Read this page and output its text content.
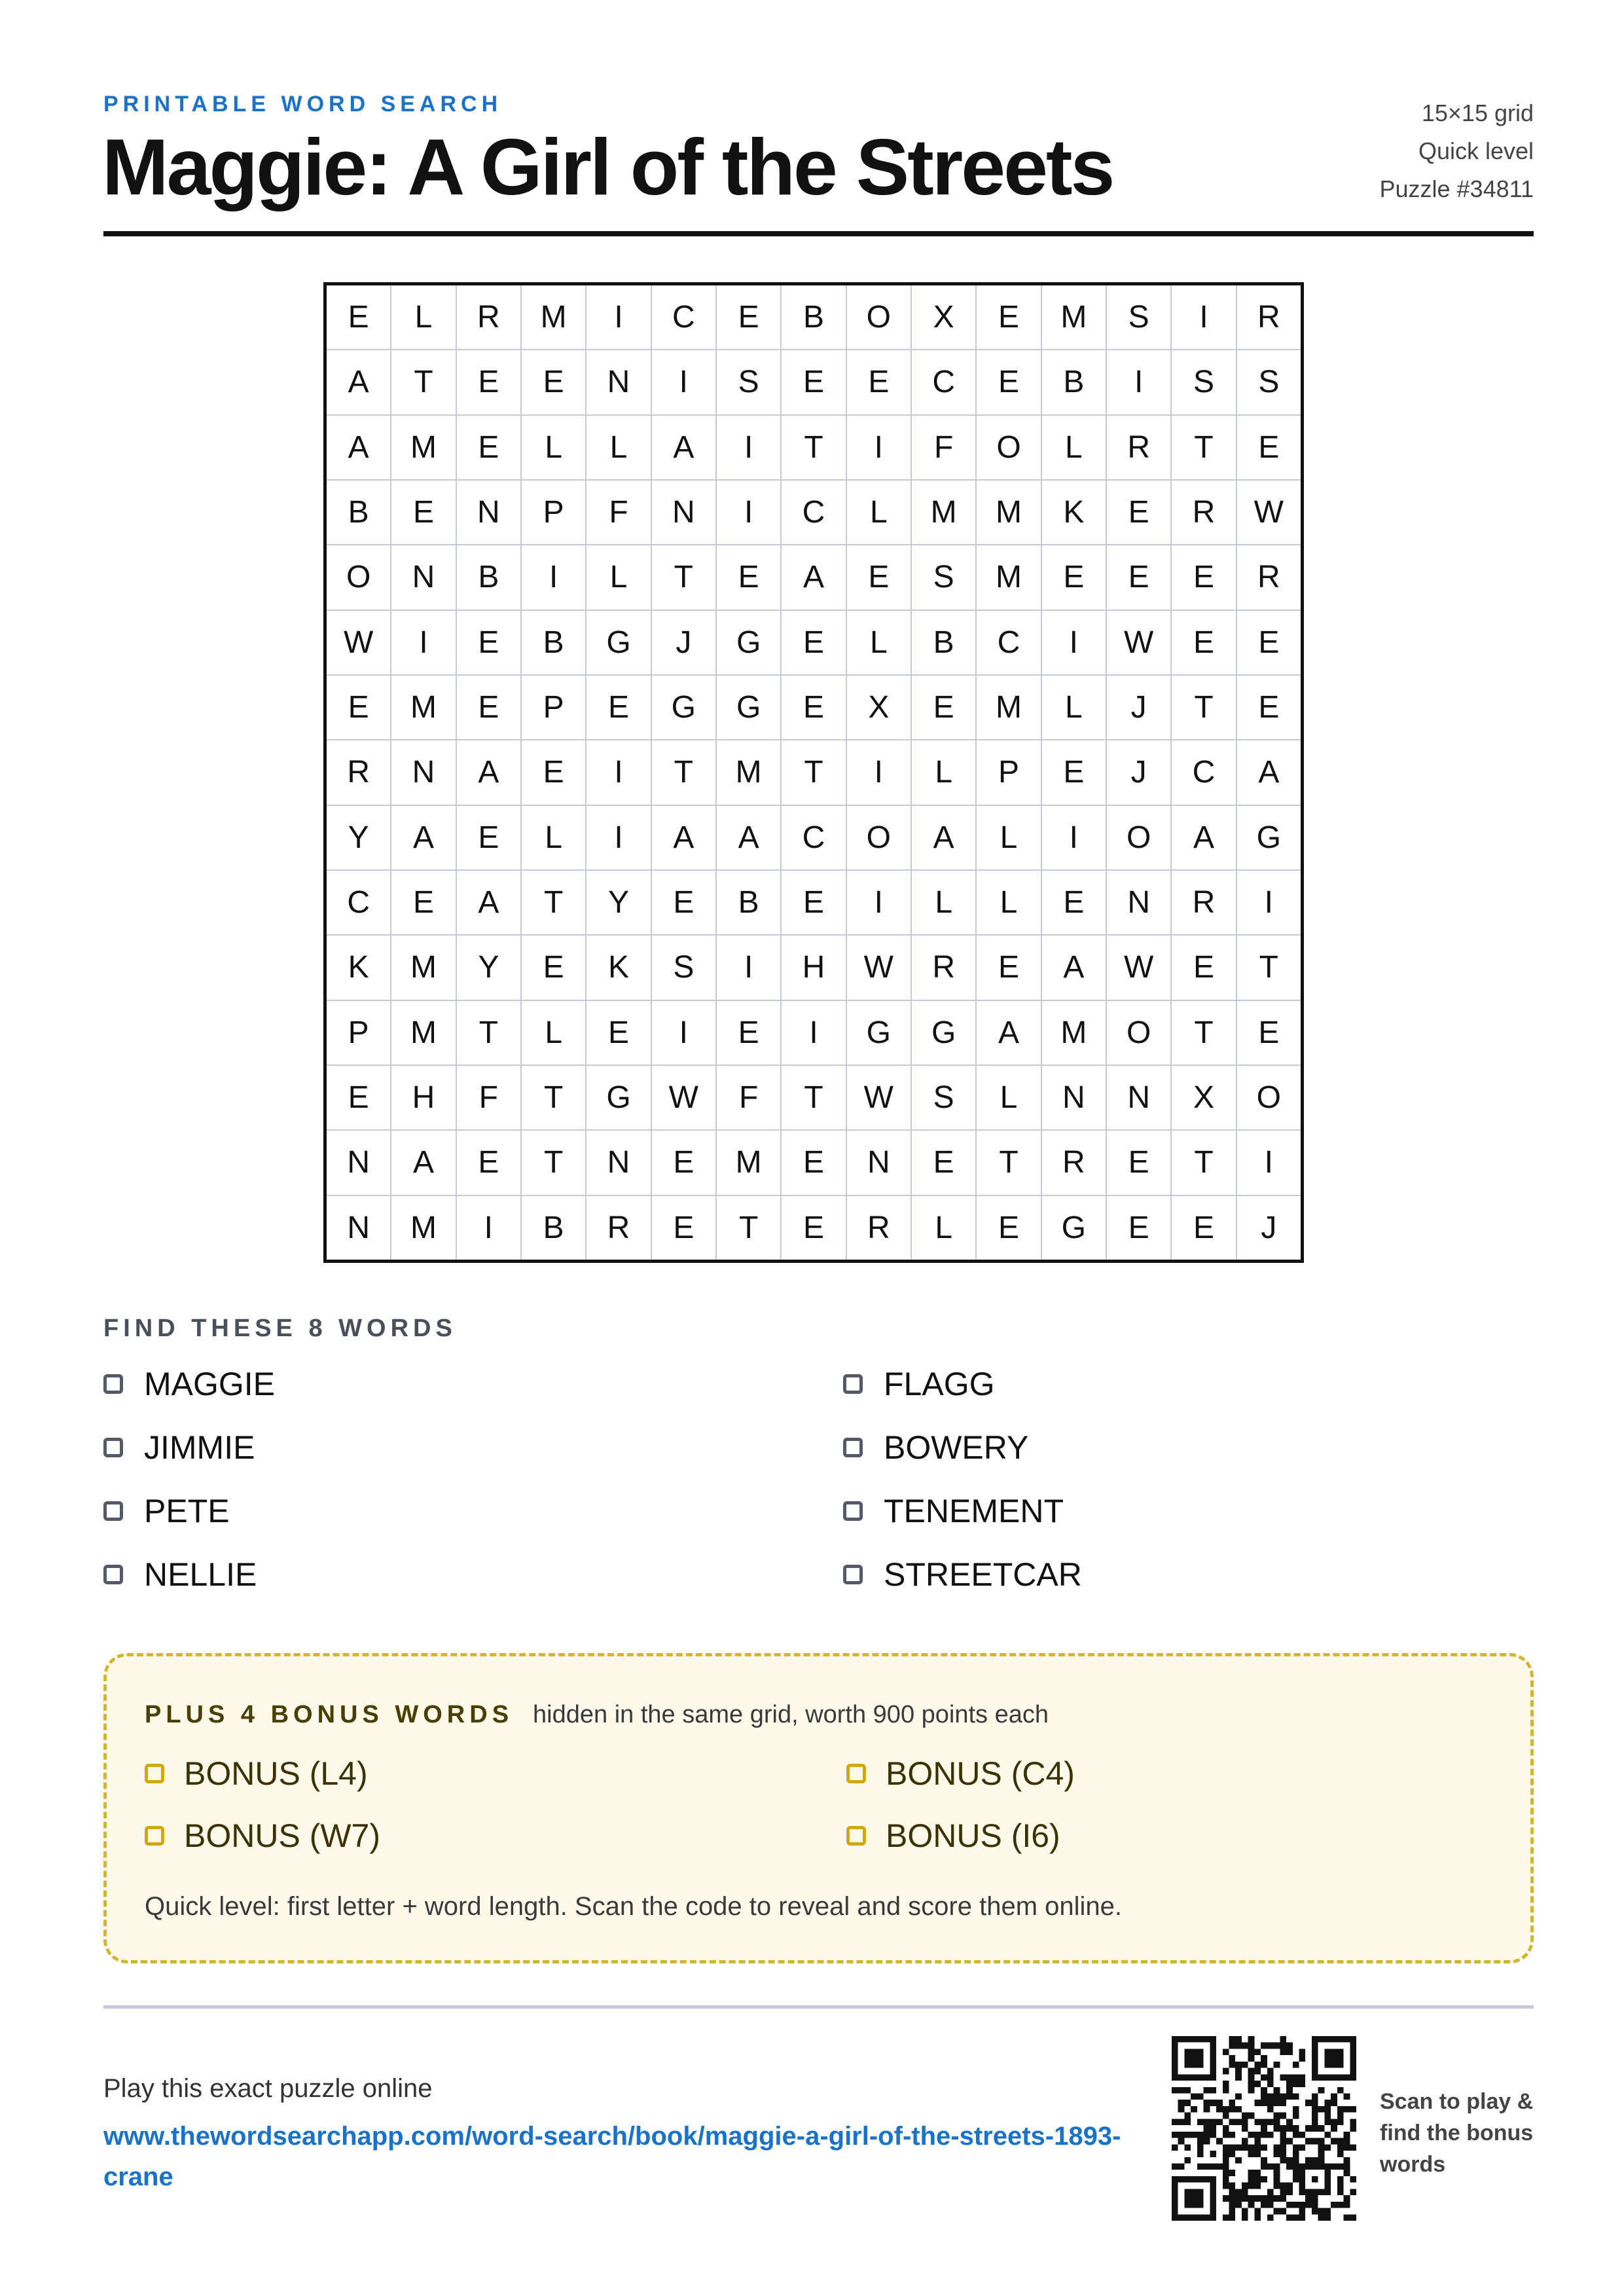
PRINTABLE WORD SEARCH
Maggie: A Girl of the Streets
15×15 grid
Quick level
Puzzle #34811
E	L	R	M	I	C	E	B	O	X	E	M	S	I	R
A	T	E	E	N	I	S	E	E	C	E	B	I	S	S
A	M	E	L	L	A	I	T	I	F	O	L	R	T	E
B	E	N	P	F	N	I	C	L	M	M	K	E	R	W
O	N	B	I	L	T	E	A	E	S	M	E	E	E	R
W	I	E	B	G	J	G	E	L	B	C	I	W	E	E
E	M	E	P	E	G	G	E	X	E	M	L	J	T	E
R	N	A	E	I	T	M	T	I	L	P	E	J	C	A
Y	A	E	L	I	A	A	C	O	A	L	I	O	A	G
C	E	A	T	Y	E	B	E	I	L	L	E	N	R	I
K	M	Y	E	K	S	I	H	W	R	E	A	W	E	T
P	M	T	L	E	I	E	I	G	G	A	M	O	T	E
E	H	F	T	G	W	F	T	W	S	L	N	N	X	O
N	A	E	T	N	E	M	E	N	E	T	R	E	T	I
N	M	I	B	R	E	T	E	R	L	E	G	E	E	J
FIND THESE 8 WORDS
MAGGIE	FLAGG
JIMMIE	BOWERY
PETE	TENEMENT
NELLIE	STREETCAR
PLUS 4 BONUS WORDS hidden in the same grid, worth 900 points each
BONUS (L4)	BONUS (C4)
BONUS (W7)	BONUS (I6)
Quick level: first letter + word length. Scan the code to reveal and score them online.
Play this exact puzzle online
www.thewordsearchapp.com/word-search/book/maggie-a-girl-of-the-streets-1893-crane
Scan to play & find the bonus words
